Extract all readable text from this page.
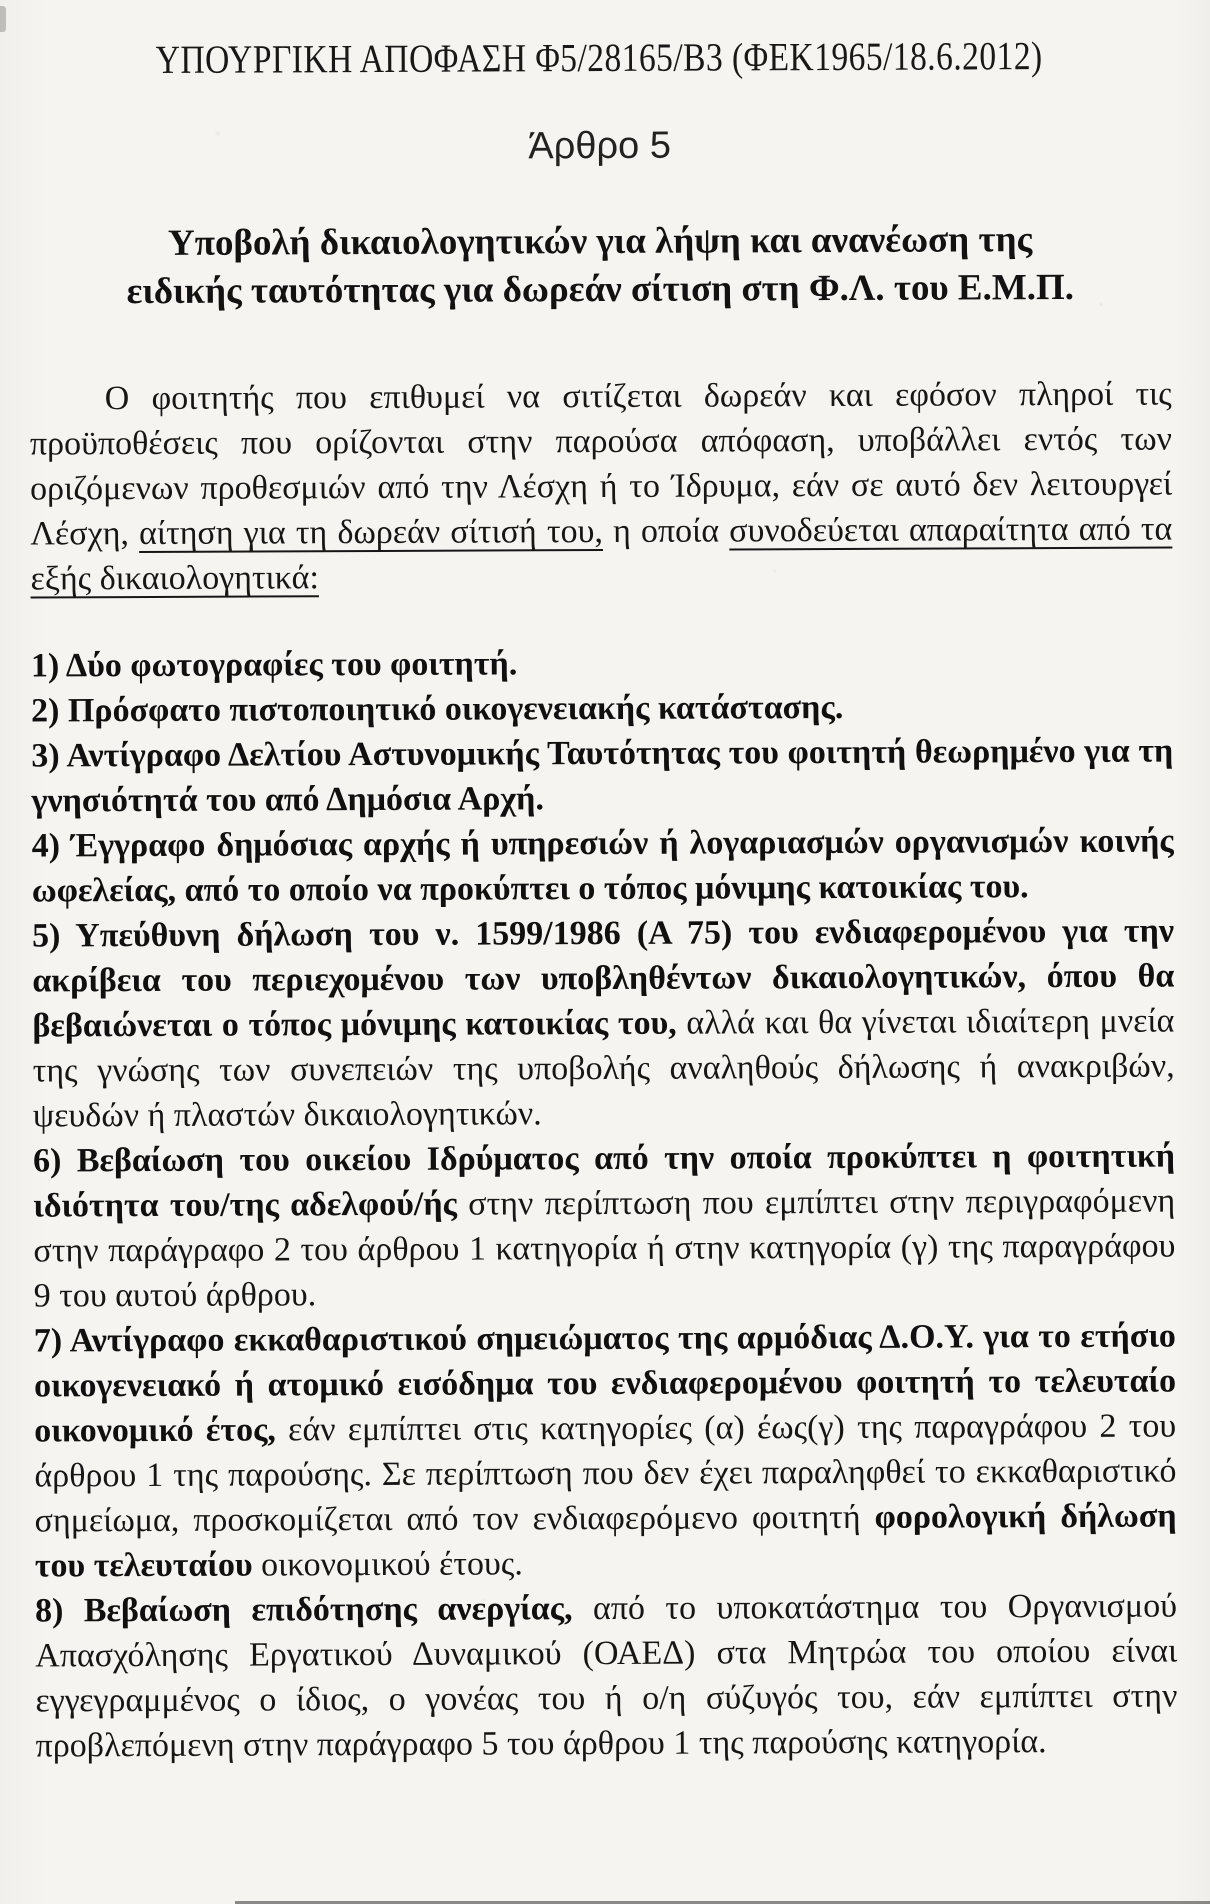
ΥΠΟΥΡΓΙΚΗ ΑΠΟΦΑΣΗ Φ5/28165/Β3 (ΦΕΚ1965/18.6.2012)
Άρθρο 5
Υποβολή δικαιολογητικών για λήψη και ανανέωση της
ειδικής ταυτότητας για δωρεάν σίτιση στη Φ.Λ. του Ε.Μ.Π.

Ο φοιτητής που επιθυμεί να σιτίζεται δωρεάν και εφόσον πληροί τις προϋποθέσεις που ορίζονται στην παρούσα απόφαση, υποβάλλει εντός των οριζόμενων προθεσμιών από την Λέσχη ή το Ίδρυμα, εάν σε αυτό δεν λειτουργεί Λέσχη, αίτηση για τη δωρεάν σίτισή του, η οποία συνοδεύεται απαραίτητα από τα εξής δικαιολογητικά:

1) Δύο φωτογραφίες του φοιτητή.

2) Πρόσφατο πιστοποιητικό οικογενειακής κατάστασης.

3) Αντίγραφο Δελτίου Αστυνομικής Ταυτότητας του φοιτητή θεωρημένο για τη γνησιότητά του από Δημόσια Αρχή.

4) Έγγραφο δημόσιας αρχής ή υπηρεσιών ή λογαριασμών οργανισμών κοινής ωφελείας, από το οποίο να προκύπτει ο τόπος μόνιμης κατοικίας του.

5) Υπεύθυνη δήλωση του ν. 1599/1986 (Α 75) του ενδιαφερομένου για την ακρίβεια του περιεχομένου των υποβληθέντων δικαιολογητικών, όπου θα βεβαιώνεται ο τόπος μόνιμης κατοικίας του, αλλά και θα γίνεται ιδιαίτερη μνεία της γνώσης των συνεπειών της υποβολής αναληθούς δήλωσης ή ανακριβών, ψευδών ή πλαστών δικαιολογητικών.

6) Βεβαίωση του οικείου Ιδρύματος από την οποία προκύπτει η φοιτητική ιδιότητα του/της αδελφού/ής στην περίπτωση που εμπίπτει στην περιγραφόμενη στην παράγραφο 2 του άρθρου 1 κατηγορία ή στην κατηγορία (γ) της παραγράφου 9 του αυτού άρθρου.

7) Αντίγραφο εκκαθαριστικού σημειώματος της αρμόδιας Δ.Ο.Υ. για το ετήσιο οικογενειακό ή ατομικό εισόδημα του ενδιαφερομένου φοιτητή το τελευταίο οικονομικό έτος, εάν εμπίπτει στις κατηγορίες (α) έως(γ) της παραγράφου 2 του άρθρου 1 της παρούσης. Σε περίπτωση που δεν έχει παραληφθεί το εκκαθαριστικό σημείωμα, προσκομίζεται από τον ενδιαφερόμενο φοιτητή φορολογική δήλωση του τελευταίου οικονομικού έτους.

8) Βεβαίωση επιδότησης ανεργίας, από το υποκατάστημα του Οργανισμού Απασχόλησης Εργατικού Δυναμικού (ΟΑΕΔ) στα Μητρώα του οποίου είναι εγγεγραμμένος ο ίδιος, ο γονέας του ή ο/η σύζυγός του, εάν εμπίπτει στην προβλεπόμενη στην παράγραφο 5 του άρθρου 1 της παρούσης κατηγορία.
